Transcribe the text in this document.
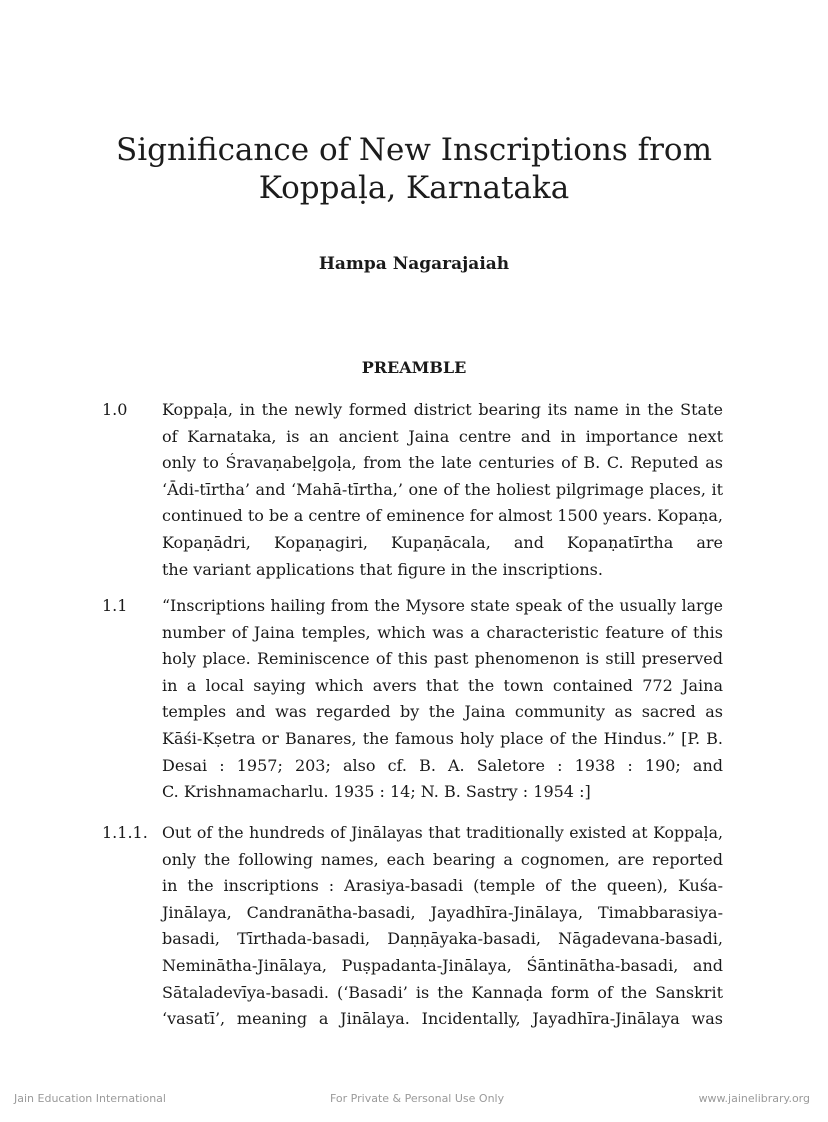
Significance of New Inscriptions from
Koppaḷa, Karnataka
Hampa Nagarajaiah
PREAMBLE
1.0 Koppaḷa, in the newly formed district bearing its name in the State
of Karnataka, is an ancient Jaina centre and in importance next
only to Śravaṇabeḷgoḷa, from the late centuries of B. C. Reputed as
‘Ādi-tīrtha’ and ‘Mahā-tīrtha,’ one of the holiest pilgrimage places, it
continued to be a centre of eminence for almost 1500 years. Kopaṇa,
Kopaṇādri, Kopaṇagiri, Kupaṇācala, and Kopaṇatīrtha are
the variant applications that figure in the inscriptions.
1.1 “Inscriptions hailing from the Mysore state speak of the usually large
number of Jaina temples, which was a characteristic feature of this
holy place. Reminiscence of this past phenomenon is still preserved
in a local saying which avers that the town contained 772 Jaina
temples and was regarded by the Jaina community as sacred as
Kāśi-Kṣetra or Banares, the famous holy place of the Hindus.” [P. B.
Desai : 1957; 203; also cf. B. A. Saletore : 1938 : 190; and
C. Krishnamacharlu. 1935 : 14; N. B. Sastry : 1954 :]
1.1.1. Out of the hundreds of Jinālayas that traditionally existed at Koppaḷa,
only the following names, each bearing a cognomen, are reported
in the inscriptions : Arasiya-basadi (temple of the queen), Kuśa-
Jinālaya, Candranātha-basadi, Jayadhīra-Jinālaya, Timabbarasiya-
basadi, Tīrthada-basadi, Daṇṇāyaka-basadi, Nāgadevana-basadi,
Neminātha-Jinālaya, Puṣpadanta-Jinālaya, Śāntinātha-basadi, and
Sātaladevīya-basadi. (‘Basadi’ is the Kannaḍa form of the Sanskrit
‘vasatī’, meaning a Jinālaya. Incidentally, Jayadhīra-Jinālaya was
Jain Education International	For Private & Personal Use Only	www.jainelibrary.org
